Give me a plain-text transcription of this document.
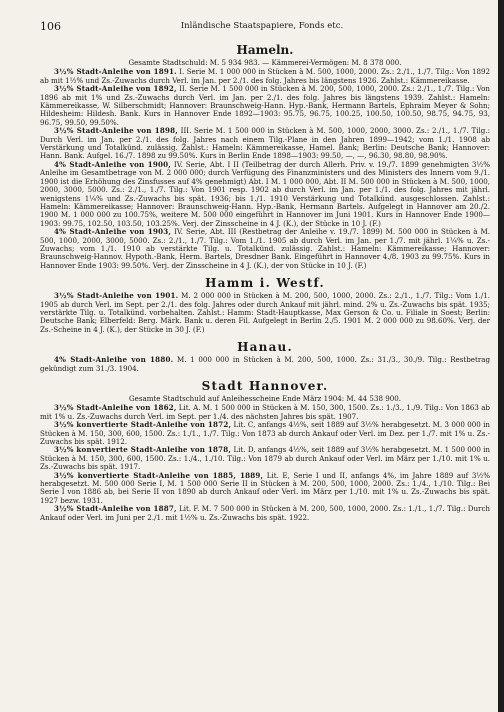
106	Inländische Staatspapiere, Fonds etc.
Hameln.
Gesamte Stadtschuld: M. 5 934 983. — Kämmerei-Vermögen: M. 8 378 000.

3½% Stadt-Anleihe von 1891. I. Serie M. 1 000 000 in Stücken à M. 500, 1000, 2000. Zs.: 2./1., 1./7. Tilg.: Von 1892 ab mit 1½% und Zs.-Zuwachs durch Verl. im Jan. per 2./1. des folg. Jahres bis längstens 1926. Zahlst.: Kämmereikasse.

3½% Stadt-Anleihe von 1892, II. Serie M. 1 500 000 in Stücken à M. 200, 500, 1000, 2000. Zs.: 2./1., 1./7. Tilg.: Von 1896 ab mit 1% und Zs.-Zuwachs durch Verl. im Jan. per 2./1. des folg. Jahres bis längstens 1939. Zahlst.: Hameln: Kämmereikasse, W. Silberschmidt; Hannover: Braunschweig-Hann. Hyp.-Bank, Hermann Bartels, Ephraim Meyer & Sohn; Hildesheim: Hildesh. Bank. Kurs in Hannover Ende 1892—1903: 95.75, 96.75, 100.25, 100.50, 100.50, 98.75, 94.75, 93, 96.75, 99.50, 99.50%.

3½% Stadt-Anleihe von 1898, III. Serie M. 1 500 000 in Stücken à M. 500, 1000, 2000, 3000. Zs.: 2./1., 1./7. Tilg.: Durch Verl. im Jan. per 2./1. des folg. Jahres nach einem Tilg.-Plane in den Jahren 1899—1942; vom 1./1. 1908 ab Verstärkung und Totalkünd. zulässig. Zahlst.: Hameln: Kämmereikasse, Hamel. Bank; Berlin: Deutsche Bank; Hannover: Hann. Bank. Aufgel. 16./7. 1898 zu 99.50%. Kurs in Berlin Ende 1898—1903: 99.50, —, —, 96.30, 98.80, 98.90%.

4% Stadt-Anleihe von 1900, IV. Serie, Abt. I II (Teilbetrag der durch Allerh. Priv. v. 19./7. 1899 genehmigten 3½% Anleihe im Gesamtbetrage von M. 2 000 000; durch Verfügung des Finanzministers und des Ministers des Innern vom 9./1. 1900 ist die Erhöhung des Zinsfusses auf 4% genehmigt) Abt. I M. 1 000 000, Abt. II M. 500 000 in Stücken à M. 500, 1000, 2000, 3000, 5000. Zs.: 2./1., 1./7. Tilg.: Von 1901 resp. 1902 ab durch Verl. im Jan. per 1./1. des folg. Jahres mit jährl. wenigstens 1¼% und Zs.-Zuwachs bis spät. 1936; bis 1./1. 1910 Verstärkung und Totalkünd. ausgeschlossen. Zahlst.: Hameln: Kämmereikasse; Hannover: Braunschweig-Hann. Hyp.-Bank, Hermann Bartels. Aufgelegt in Hannover am 20./2. 1900 M. 1 000 000 zu 100.75%, weitere M. 500 000 eingeführt in Hannover im Juni 1901. Kurs in Hannover Ende 1900—1903: 99.75, 102.50, 103.50, 103.25%. Verj. der Zinsscheine in 4 J. (K.), der Stücke in 10 J. (F.)

4% Stadt-Anleihe von 1903, IV. Serie, Abt. III (Restbetrag der Anleihe v. 19./7. 1899) M. 500 000 in Stücken à M. 500, 1000, 2000, 3000, 5000. Zs.: 2./1., 1./7. Tilg.: Vom 1./1. 1905 ab durch Verl. im Jan. per 1./7. mit jährl. 1¼% u. Zs.-Zuwachs; vom 1./1. 1910 ab verstärkte Tilg. u. Totalkünd. zulässig. Zahlst.: Hameln: Kämmereikasse; Hannover: Braunschweig-Hannov. Hypoth.-Bank, Herm. Bartels, Dresdner Bank. Eingeführt in Hannover 4./8. 1903 zu 99.75%. Kurs in Hannover Ende 1903: 99.50%. Verj. der Zinsscheine in 4 J. (K.), der von Stücke in 10 J. (F.)

Hamm i. Westf.

3½% Stadt-Anleihe von 1901. M. 2 000 000 in Stücken à M. 200, 500, 1000, 2000. Zs.: 2./1., 1./7. Tilg.: Vom 1./1. 1905 ab durch Verl. im Sept. per 2./1. des folg. Jahres oder durch Ankauf mit jährl. mind. 2% u. Zs.-Zuwachs bis spät. 1935; verstärkte Tilg. u. Totalkünd. vorbehalten. Zahlst.: Hamm: Stadt-Hauptkasse, Max Gerson & Co. u. Filiale in Soest; Berlin: Deutsche Bank; Elberfeld: Berg. Märk. Bank u. deren Fil. Aufgelegt in Berlin 2./5. 1901 M. 2 000 000 zu 98.60%. Verj. der Zs.-Scheine in 4 J. (K.), der Stücke in 30 J. (F.)

Hanau.

4% Stadt-Anleihe von 1880. M. 1 000 000 in Stücken à M. 200, 500, 1000. Zs.: 31./3., 30./9. Tilg.: Restbetrag gekündigt zum 31./3. 1904.

Stadt Hannover.
Gesamte Stadtschuld auf Anleihesscheine Ende März 1904: M. 44 538 900.

3½% Stadt-Anleihe von 1862, Lit. A. M. 1 500 000 in Stücken à M. 150, 300, 1500. Zs.: 1./3., 1./9. Tilg.: Von 1863 ab mit 1% u. Zs.-Zuwachs durch Verl. im Sept. per 1./4. des nächsten Jahres bis spät. 1907.

3½% konvertierte Stadt-Anleihe von 1872, Lit. C, anfangs 4½%, seit 1889 auf 3½% herabgesetzt. M. 3 000 000 in Stücken à M. 150, 300, 600, 1500. Zs.: 1./1., 1./7. Tilg.: Von 1873 ab durch Ankauf oder Verl. im Dez. per 1./7. mit 1% u. Zs.-Zuwachs bis spät. 1912.

3½% konvertierte Stadt-Anleihe von 1878, Lit. D, anfangs 4½%, seit 1889 auf 3½% herabgesetzt. M. 1 500 000 in Stücken à M. 150, 300, 600, 1500. Zs.: 1./4., 1./10. Tilg.: Von 1879 ab durch Ankauf oder Verl. im März per 1./10. mit 1% u. Zs.-Zuwachs bis spät. 1917.

3½% konvertierte Stadt-Anleihe von 1885, 1889, Lit. E, Serie I und II, anfangs 4%, im Jahre 1889 auf 3½% herabgesetzt. M. 500 000 Serie I, M. 1 500 000 Serie II in Stücken à M. 200, 500, 1000, 2000. Zs.: 1./4., 1./10. Tilg.: Bei Serie I von 1886 ab, bei Serie II von 1890 ab durch Ankauf oder Verl. im März per 1./10. mit 1% u. Zs.-Zuwachs bis spät. 1927 bezw. 1931.

3½% Stadt-Anleihe von 1887, Lit. F. M. 7 500 000 in Stücken à M. 200, 500, 1000, 2000. Zs.: 1./1., 1./7. Tilg.: Durch Ankauf oder Verl. im Juni per 2./1. mit 1½% u. Zs.-Zuwachs bis spät. 1922.
